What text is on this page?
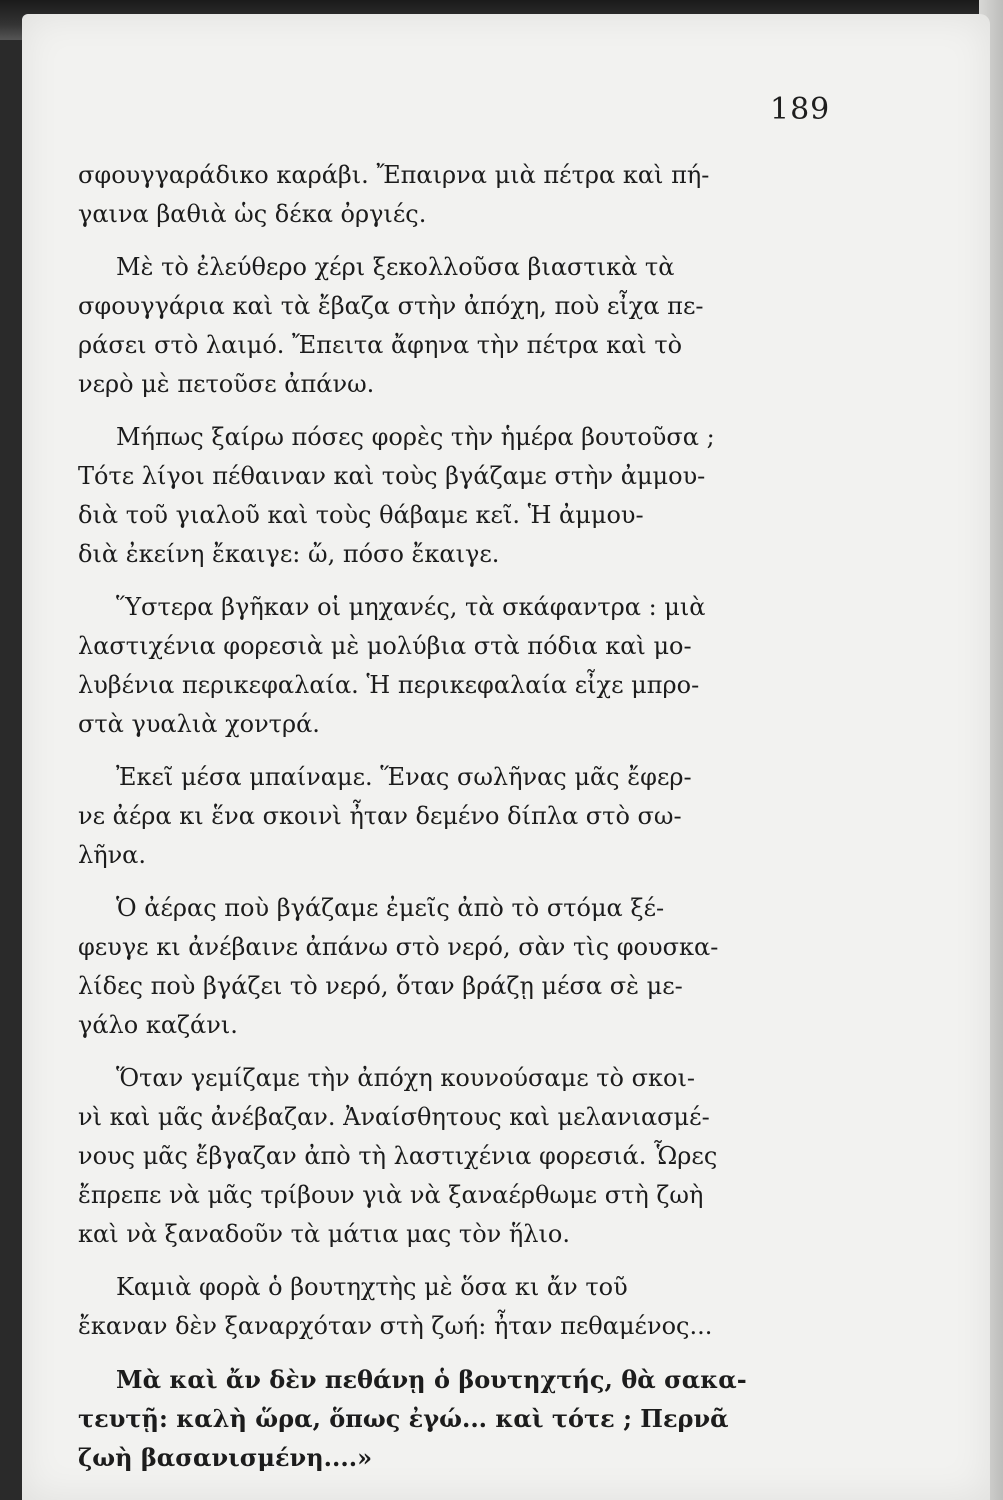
189

σφουγγαράδικο καράβι. Ἔπαιρνα μιὰ πέτρα καὶ πή-
γαινα βαθιὰ ὡς δέκα ὀργιές.

Μὲ τὸ ἐλεύθερο χέρι ξεκολλοῦσα βιαστικὰ τὰ
σφουγγάρια καὶ τὰ ἔβαζα στὴν ἀπόχη, ποὺ εἶχα πε-
ράσει στὸ λαιμό. Ἔπειτα ἄφηνα τὴν πέτρα καὶ τὸ
νερὸ μὲ πετοῦσε ἀπάνω.

Μήπως ξαίρω πόσες φορὲς τὴν ἡμέρα βουτοῦσα ;
Τότε λίγοι πέθαιναν καὶ τοὺς βγάζαμε στὴν ἀμμου-
διὰ τοῦ γιαλοῦ καὶ τοὺς θάβαμε κεῖ. Ἡ ἀμμου-
διὰ ἐκείνη ἔκαιγε: ὤ, πόσο ἔκαιγε.

Ὕστερα βγῆκαν οἱ μηχανές, τὰ σκάφαντρα : μιὰ
λαστιχένια φορεσιὰ μὲ μολύβια στὰ πόδια καὶ μο-
λυβένια περικεφαλαία. Ἡ περικεφαλαία εἶχε μπρο-
στὰ γυαλιὰ χοντρά.

Ἐκεῖ μέσα μπαίναμε. Ἕνας σωλῆνας μᾶς ἔφερ-
νε ἀέρα κι ἕνα σκοινὶ ἦταν δεμένο δίπλα στὸ σω-
λῆνα.

Ὁ ἀέρας ποὺ βγάζαμε ἐμεῖς ἀπὸ τὸ στόμα ξέ-
φευγε κι ἀνέβαινε ἀπάνω στὸ νερό, σὰν τὶς φουσκα-
λίδες ποὺ βγάζει τὸ νερό, ὅταν βράζῃ μέσα σὲ με-
γάλο καζάνι.

Ὅταν γεμίζαμε τὴν ἀπόχη κουνούσαμε τὸ σκοι-
νὶ καὶ μᾶς ἀνέβαζαν. Ἀναίσθητους καὶ μελανιασμέ-
νους μᾶς ἔβγαζαν ἀπὸ τὴ λαστιχένια φορεσιά. Ὧρες
ἔπρεπε νὰ μᾶς τρίβουν γιὰ νὰ ξαναέρθωμε στὴ ζωὴ
καὶ νὰ ξαναδοῦν τὰ μάτια μας τὸν ἥλιο.

Καμιὰ φορὰ ὁ βουτηχτὴς μὲ ὅσα κι ἄν τοῦ
ἔκαναν δὲν ξαναρχόταν στὴ ζωή: ἦταν πεθαμένος...

Μὰ καὶ ἄν δὲν πεθάνῃ ὁ βουτηχτής, θὰ σακα-
τευτῇ: καλὴ ὥρα, ὅπως ἐγώ... καὶ τότε ; Περνᾶ
ζωὴ βασανισμένη....»
